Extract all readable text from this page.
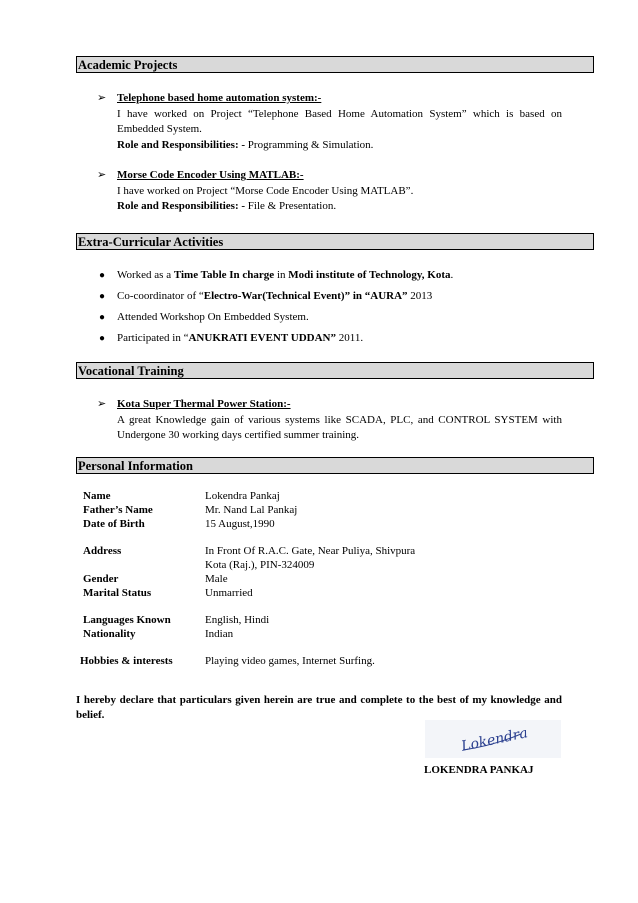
Academic Projects
➢ Telephone based home automation system:-
I have worked on Project “Telephone Based Home Automation System” which is based on Embedded System.
Role and Responsibilities: - Programming & Simulation.
➢ Morse Code Encoder Using MATLAB:-
I have worked on Project “Morse Code Encoder Using MATLAB”.
Role and Responsibilities: - File & Presentation.
Extra-Curricular Activities
● Worked as a Time Table In charge in Modi institute of Technology, Kota.
● Co-coordinator of “Electro-War(Technical Event)” in “AURA” 2013
● Attended Workshop On Embedded System.
● Participated in “ANUKRATI EVENT UDDAN” 2011.
Vocational Training
➢ Kota Super Thermal Power Station:-
A great Knowledge gain of various systems like SCADA, PLC, and CONTROL SYSTEM with Undergone 30 working days certified summer training.
Personal Information
Name	Lokendra Pankaj
Father’s Name	Mr. Nand Lal Pankaj
Date of Birth	15 August,1990
Address	In Front Of R.A.C. Gate, Near Puliya, Shivpura
Kota (Raj.), PIN-324009
Gender	Male
Marital Status	Unmarried
Languages Known	English, Hindi
Nationality	Indian
Hobbies & interests	Playing video games, Internet Surfing.
I hereby declare that particulars given herein are true and complete to the best of my knowledge and belief.
Lokendra
LOKENDRA PANKAJ
